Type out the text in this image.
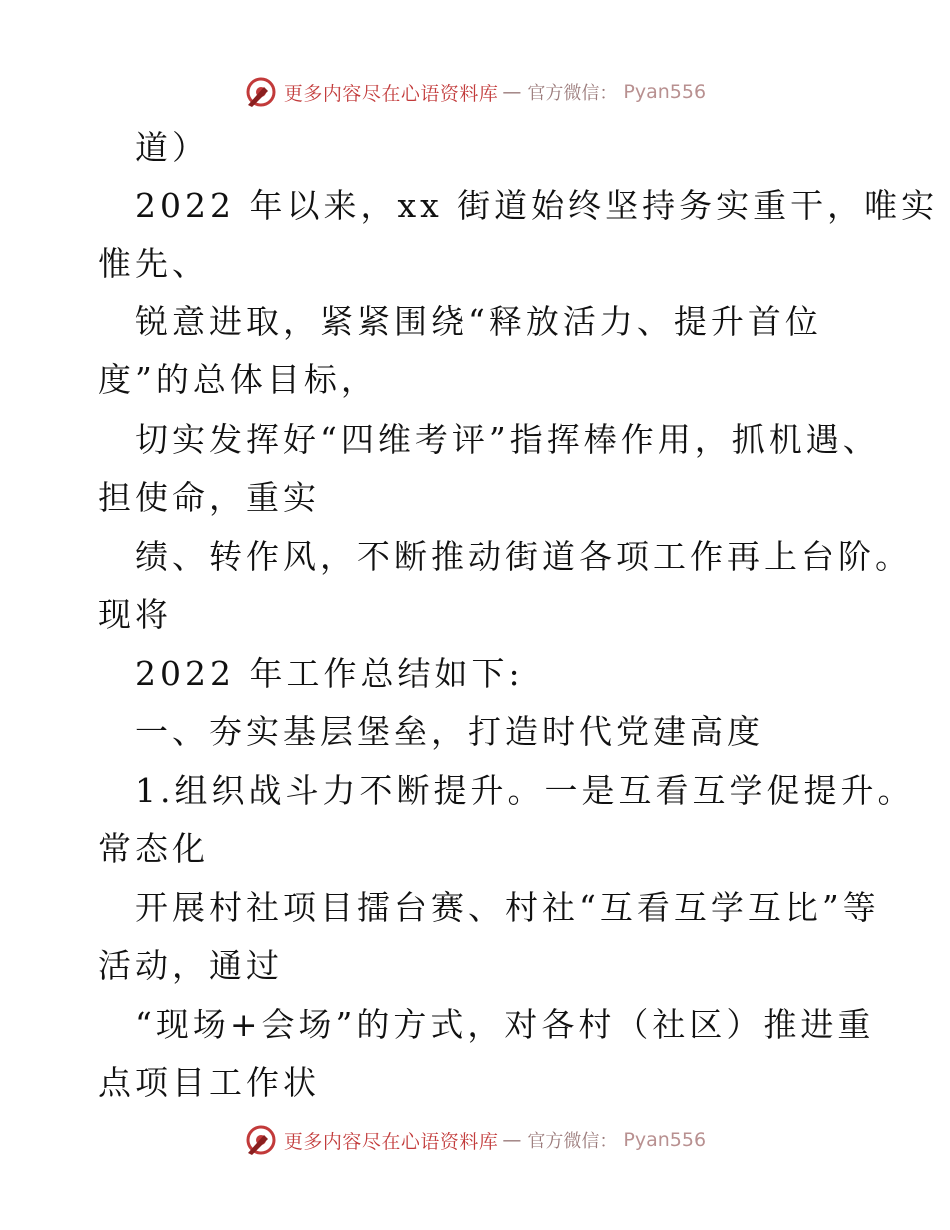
更多内容尽在心语资料库 — 官方微信： Pyan556
道）
2022 年以来，xx 街道始终坚持务实重干，唯实
惟先、
锐意进取，紧紧围绕“释放活力、提升首位
度”的总体目标，
切实发挥好“四维考评”指挥棒作用，抓机遇、
担使命，重实
绩、转作风，不断推动街道各项工作再上台阶。
现将
2022 年工作总结如下:
一、夯实基层堡垒，打造时代党建高度
1.组织战斗力不断提升。一是互看互学促提升。
常态化
开展村社项目擂台赛、村社“互看互学互比”等
活动，通过
“现场+会场”的方式，对各村（社区）推进重
点项目工作状
更多内容尽在心语资料库 — 官方微信： Pyan556
